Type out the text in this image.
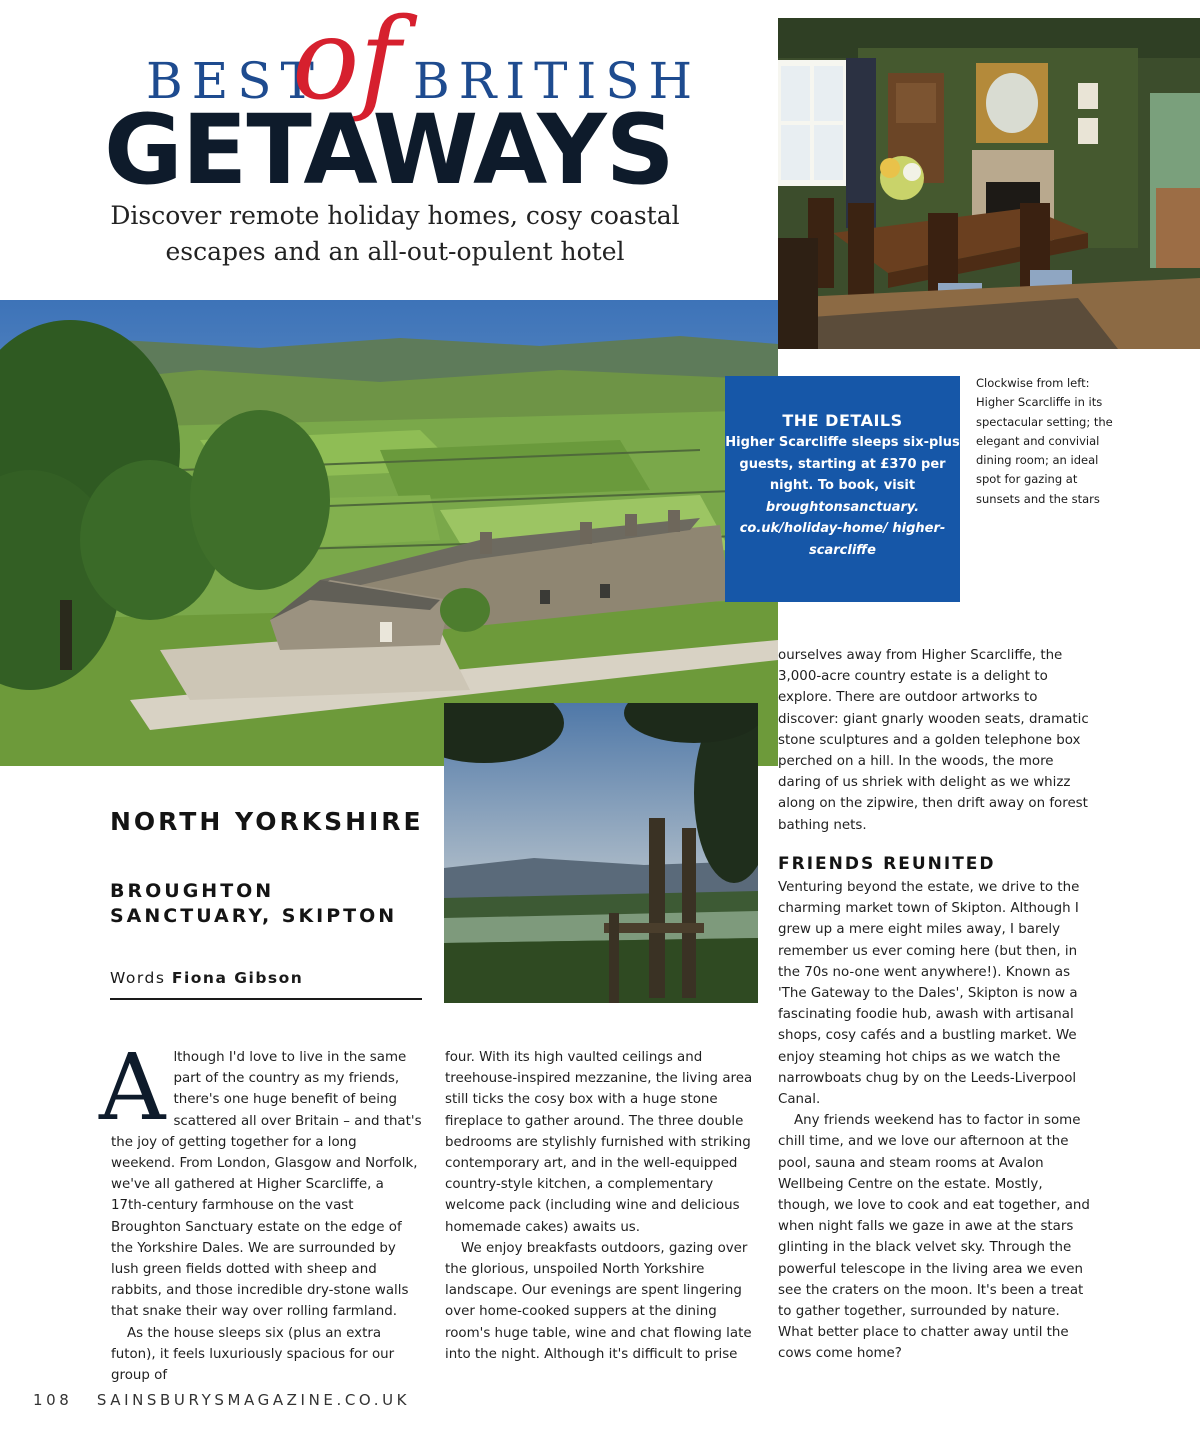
BEST BRITISH
of
GETAWAYS
Discover remote holiday homes, cosy coastal escapes and an all-out-opulent hotel
THE DETAILS
Higher Scarcliffe sleeps six-plus guests, starting at £370 per night. To book, visit
broughtonsanctuary. co.uk/holiday-home/ higher-scarcliffe
Clockwise from left: Higher Scarcliffe in its spectacular setting; the elegant and convivial dining room; an ideal spot for gazing at sunsets and the stars
NORTH YORKSHIRE
BROUGHTON SANCTUARY, SKIPTON
Words Fiona Gibson
A lthough I'd love to live in the same part of the country as my friends, there's one huge benefit of being scattered all over Britain – and that's the joy of getting together for a long weekend. From London, Glasgow and Norfolk, we've all gathered at Higher Scarcliffe, a 17th-century farmhouse on the vast Broughton Sanctuary estate on the edge of the Yorkshire Dales. We are surrounded by lush green fields dotted with sheep and rabbits, and those incredible dry-stone walls that snake their way over rolling farmland.

As the house sleeps six (plus an extra futon), it feels luxuriously spacious for our group of

four. With its high vaulted ceilings and treehouse-inspired mezzanine, the living area still ticks the cosy box with a huge stone fireplace to gather around. The three double bedrooms are stylishly furnished with striking contemporary art, and in the well-equipped country-style kitchen, a complementary welcome pack (including wine and delicious homemade cakes) awaits us.

We enjoy breakfasts outdoors, gazing over the glorious, unspoiled North Yorkshire landscape. Our evenings are spent lingering over home-cooked suppers at the dining room's huge table, wine and chat flowing late into the night. Although it's difficult to prise

ourselves away from Higher Scarcliffe, the 3,000-acre country estate is a delight to explore. There are outdoor artworks to discover: giant gnarly wooden seats, dramatic stone sculptures and a golden telephone box perched on a hill. In the woods, the more daring of us shriek with delight as we whizz along on the zipwire, then drift away on forest bathing nets.

FRIENDS REUNITED

Venturing beyond the estate, we drive to the charming market town of Skipton. Although I grew up a mere eight miles away, I barely remember us ever coming here (but then, in the 70s no-one went anywhere!). Known as 'The Gateway to the Dales', Skipton is now a fascinating foodie hub, awash with artisanal shops, cosy cafés and a bustling market. We enjoy steaming hot chips as we watch the narrowboats chug by on the Leeds-Liverpool Canal.

Any friends weekend has to factor in some chill time, and we love our afternoon at the pool, sauna and steam rooms at Avalon Wellbeing Centre on the estate. Mostly, though, we love to cook and eat together, and when night falls we gaze in awe at the stars glinting in the black velvet sky. Through the powerful telescope in the living area we even see the craters on the moon. It's been a treat to gather together, surrounded by nature. What better place to chatter away until the cows come home?

108 SAINSBURYSMAGAZINE.CO.UK
